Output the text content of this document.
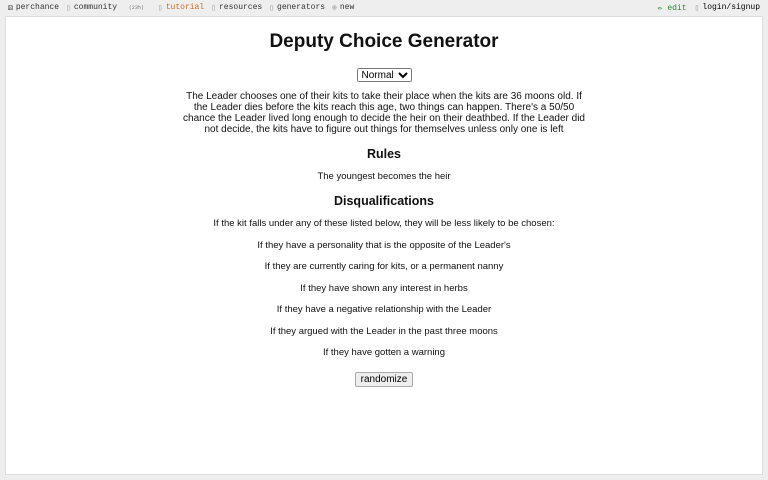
⚄ perchance ▯ community (23h)	▯ tutorial ▯ resources ▯ generators ⊕ new	✏ edit ▯ login/signup
Deputy Choice Generator
Normal
The Leader chooses one of their kits to take their place when the kits are 36 moons old. If the Leader dies before the kits reach this age, two things can happen. There's a 50/50 chance the Leader lived long enough to decide the heir on their deathbed. If the Leader did not decide, the kits have to figure out things for themselves unless only one is left
Rules

The youngest becomes the heir

Disqualifications

If the kit falls under any of these listed below, they will be less likely to be chosen:

If they have a personality that is the opposite of the Leader's

If they are currently caring for kits, or a permanent nanny

If they have shown any interest in herbs

If they have a negative relationship with the Leader

If they argued with the Leader in the past three moons

If they have gotten a warning

randomize
